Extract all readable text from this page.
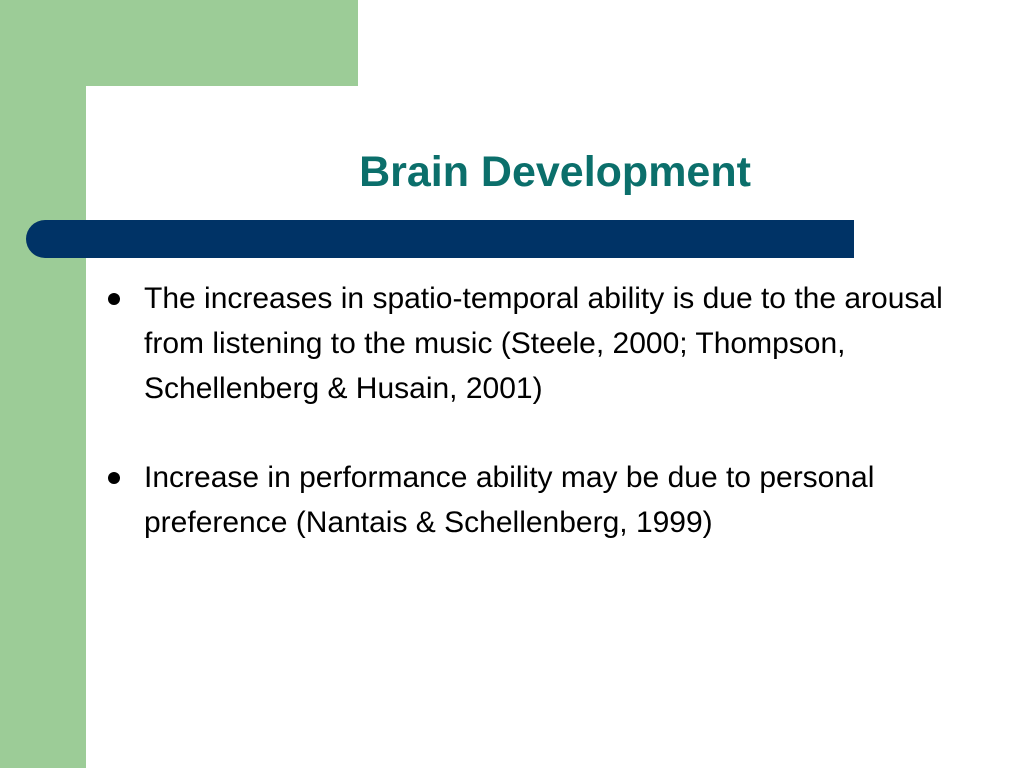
Brain Development
The increases in spatio-temporal ability is due to the arousal from listening to the music (Steele, 2000; Thompson, Schellenberg & Husain, 2001)
Increase in performance ability may be due to personal preference (Nantais & Schellenberg, 1999)
